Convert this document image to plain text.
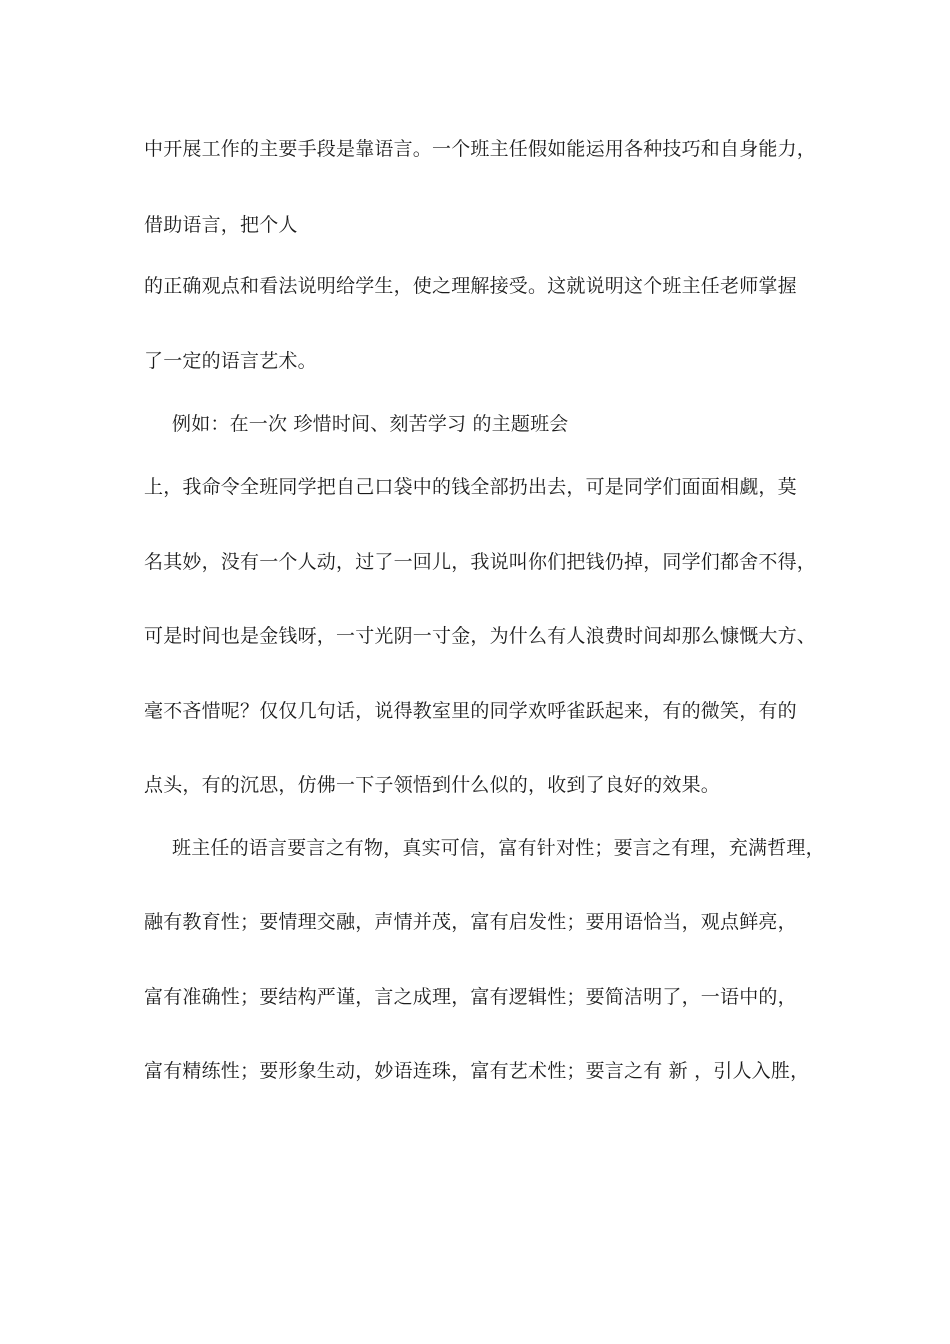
中开展工作的主要手段是靠语言。一个班主任假如能运用各种技巧和自身能力，
借助语言，把个人
的正确观点和看法说明给学生，使之理解接受。这就说明这个班主任老师掌握
了一定的语言艺术。
例如：在一次 珍惜时间、刻苦学习 的主题班会
上，我命令全班同学把自己口袋中的钱全部扔出去，可是同学们面面相觑，莫
名其妙，没有一个人动，过了一回儿，我说叫你们把钱仍掉，同学们都舍不得，
可是时间也是金钱呀，一寸光阴一寸金，为什么有人浪费时间却那么慷慨大方、
毫不吝惜呢？仅仅几句话，说得教室里的同学欢呼雀跃起来，有的微笑，有的
点头，有的沉思，仿佛一下子领悟到什么似的，收到了良好的效果。
班主任的语言要言之有物，真实可信，富有针对性；要言之有理，充满哲理，
融有教育性；要情理交融，声情并茂，富有启发性；要用语恰当，观点鲜亮，
富有准确性；要结构严谨，言之成理，富有逻辑性；要简洁明了，一语中的，
富有精练性；要形象生动，妙语连珠，富有艺术性；要言之有 新 ，引人入胜，
